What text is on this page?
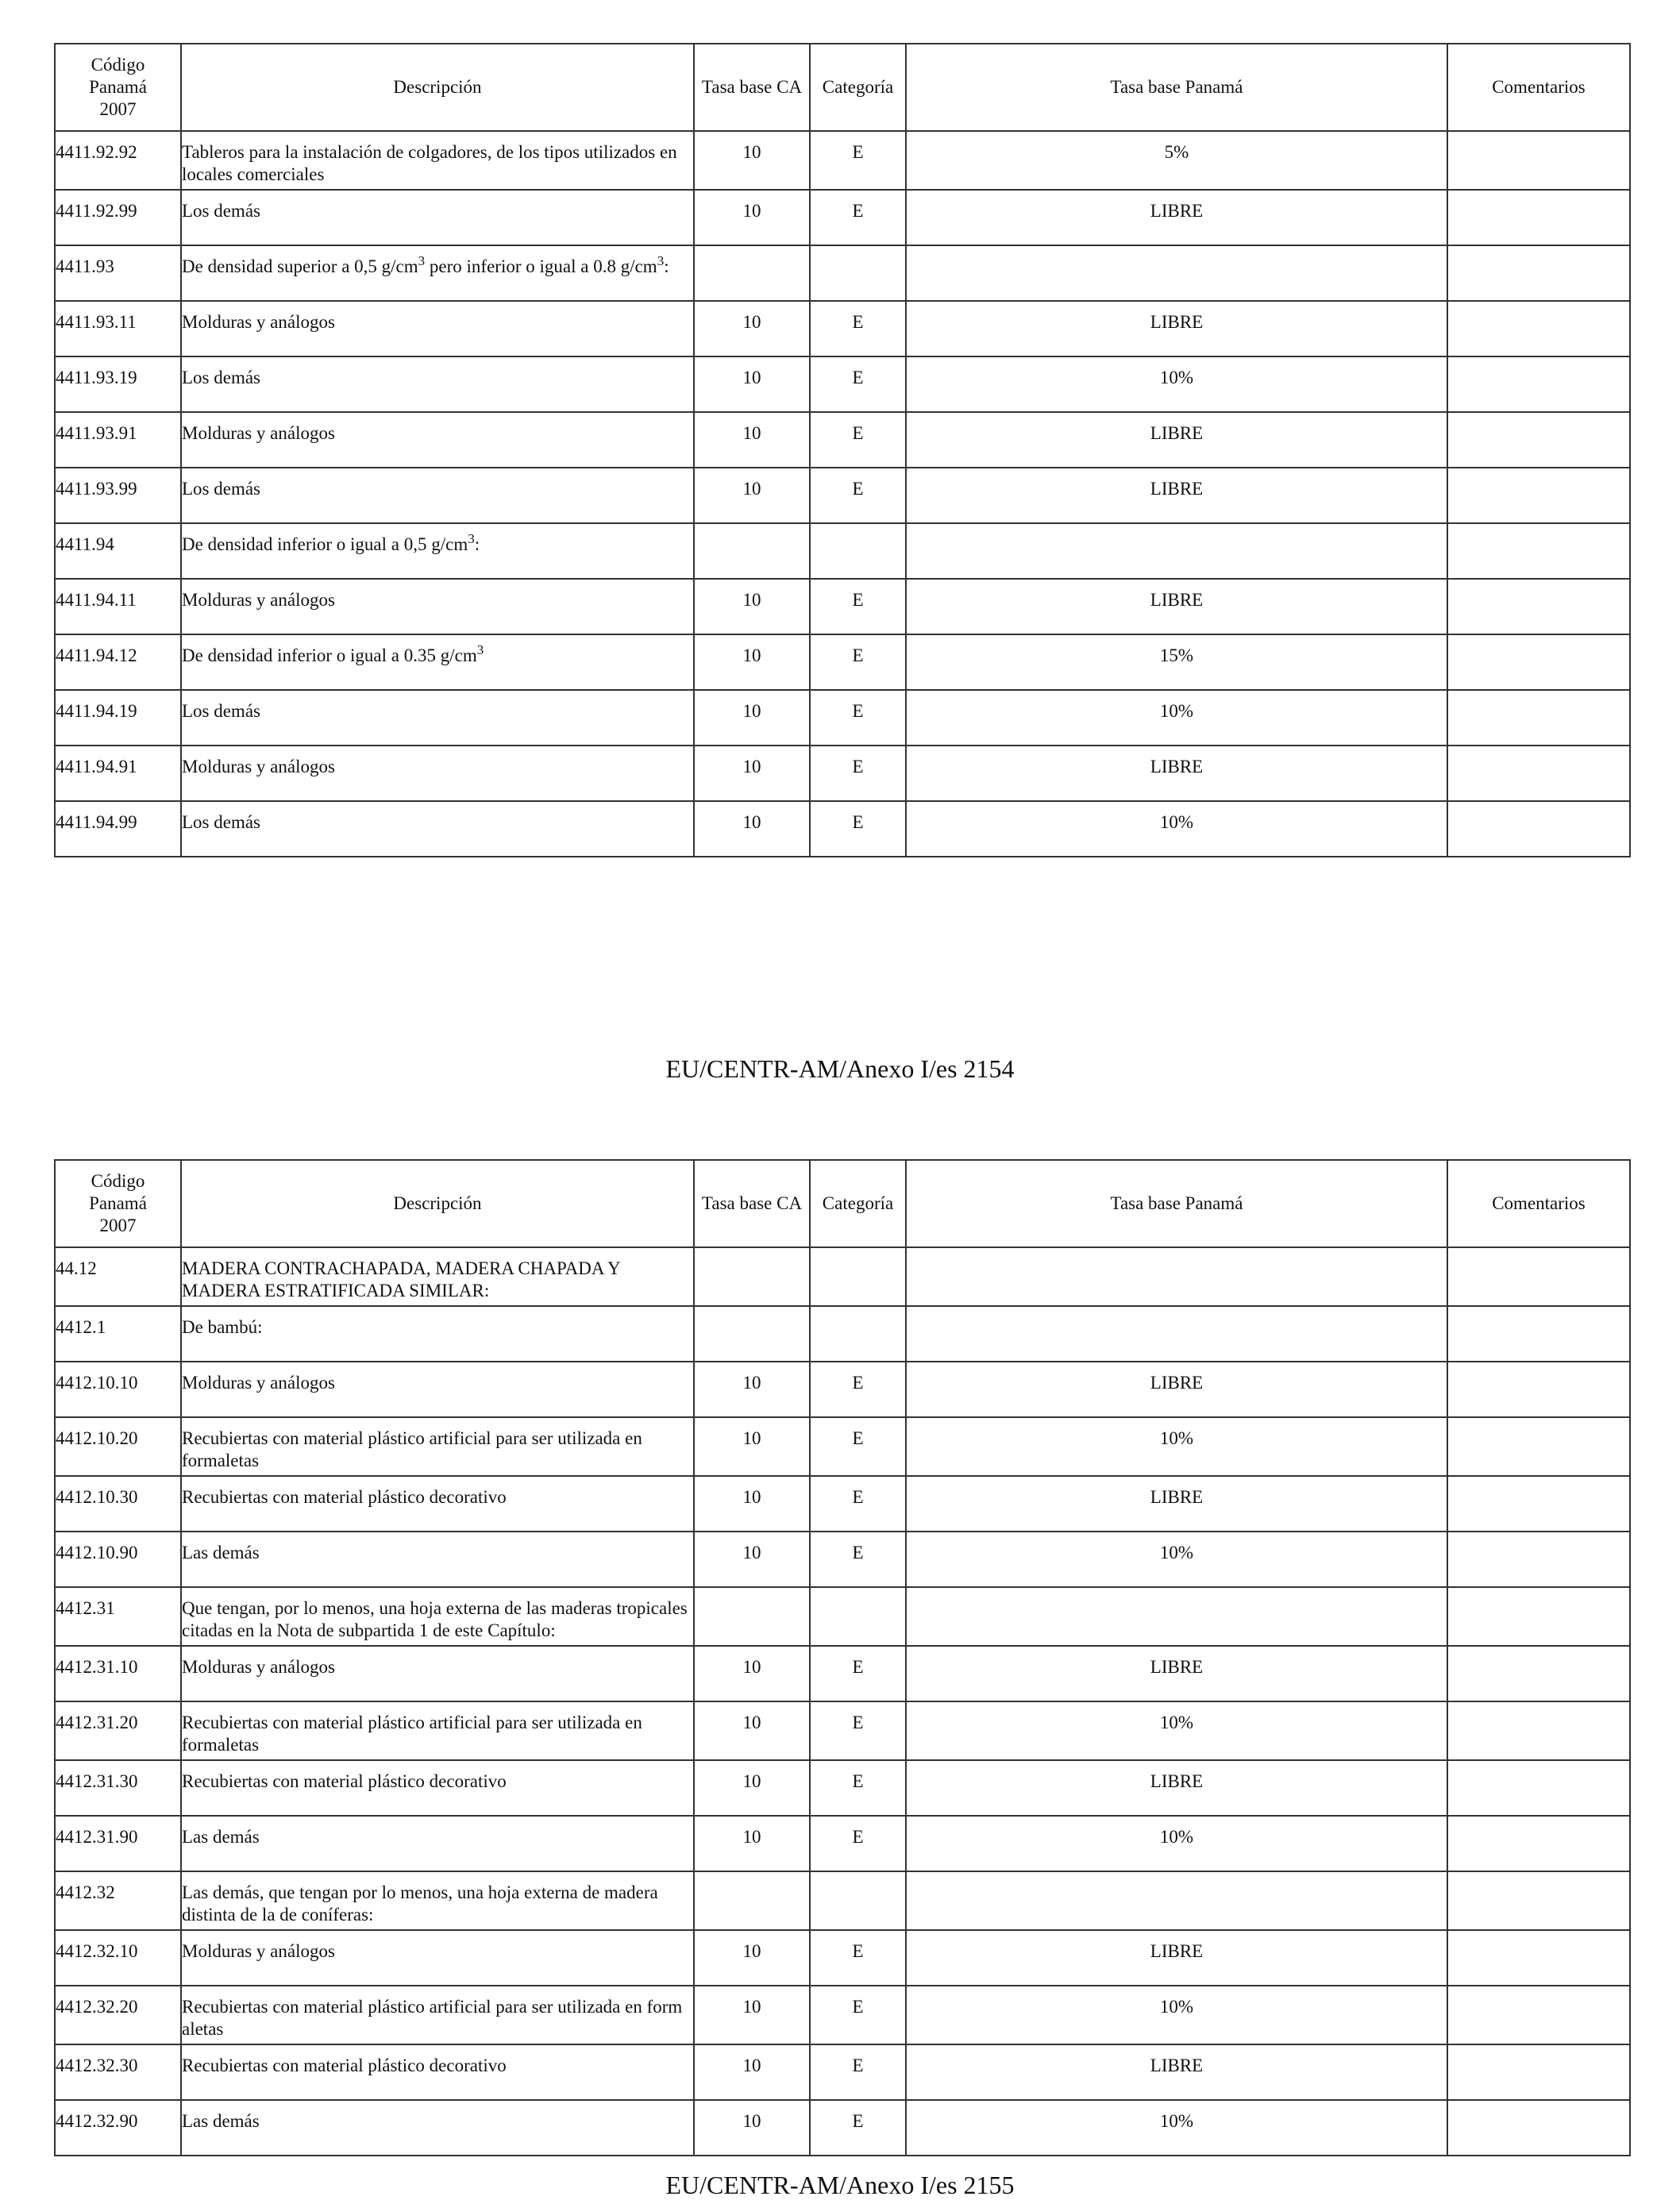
Código
Panamá
2007	Descripción	Tasa base CA	Categoría	Tasa base Panamá	Comentarios
4411.92.92	Tableros para la instalación de colgadores, de los tipos utilizados en locales comerciales	10	E	5%	
4411.92.99	Los demás	10	E	LIBRE	
4411.93	De densidad superior a 0,5 $g/cm^3$ pero inferior o igual a 0.8 $g/cm^3$:				
4411.93.11	Molduras y análogos	10	E	LIBRE	
4411.93.19	Los demás	10	E	10%	
4411.93.91	Molduras y análogos	10	E	LIBRE	
4411.93.99	Los demás	10	E	LIBRE	
4411.94	De densidad inferior o igual a 0,5 $g/cm^3$:				
4411.94.11	Molduras y análogos	10	E	LIBRE	
4411.94.12	De densidad inferior o igual a 0.35 $g/cm^3$	10	E	15%	
4411.94.19	Los demás	10	E	10%	
4411.94.91	Molduras y análogos	10	E	LIBRE	
4411.94.99	Los demás	10	E	10%	
EU/CENTR-AM/Anexo I/es 2154
Código
Panamá
2007	Descripción	Tasa base CA	Categoría	Tasa base Panamá	Comentarios
44.12	MADERA CONTRACHAPADA, MADERA CHAPADA Y MADERA ESTRATIFICADA SIMILAR:				
4412.1	De bambú:				
4412.10.10	Molduras y análogos	10	E	LIBRE	
4412.10.20	Recubiertas con material plástico artificial para ser utilizada en formaletas	10	E	10%	
4412.10.30	Recubiertas con material plástico decorativo	10	E	LIBRE	
4412.10.90	Las demás	10	E	10%	
4412.31	Que tengan, por lo menos, una hoja externa de las maderas tropicales citadas en la Nota de subpartida 1 de este Capítulo:				
4412.31.10	Molduras y análogos	10	E	LIBRE	
4412.31.20	Recubiertas con material plástico artificial para ser utilizada en formaletas	10	E	10%	
4412.31.30	Recubiertas con material plástico decorativo	10	E	LIBRE	
4412.31.90	Las demás	10	E	10%	
4412.32	Las demás, que tengan por lo menos, una hoja externa de madera distinta de la de coníferas:				
4412.32.10	Molduras y análogos	10	E	LIBRE	
4412.32.20	Recubiertas con material plástico artificial para ser utilizada en form aletas	10	E	10%	
4412.32.30	Recubiertas con material plástico decorativo	10	E	LIBRE	
4412.32.90	Las demás	10	E	10%	
EU/CENTR-AM/Anexo I/es 2155
